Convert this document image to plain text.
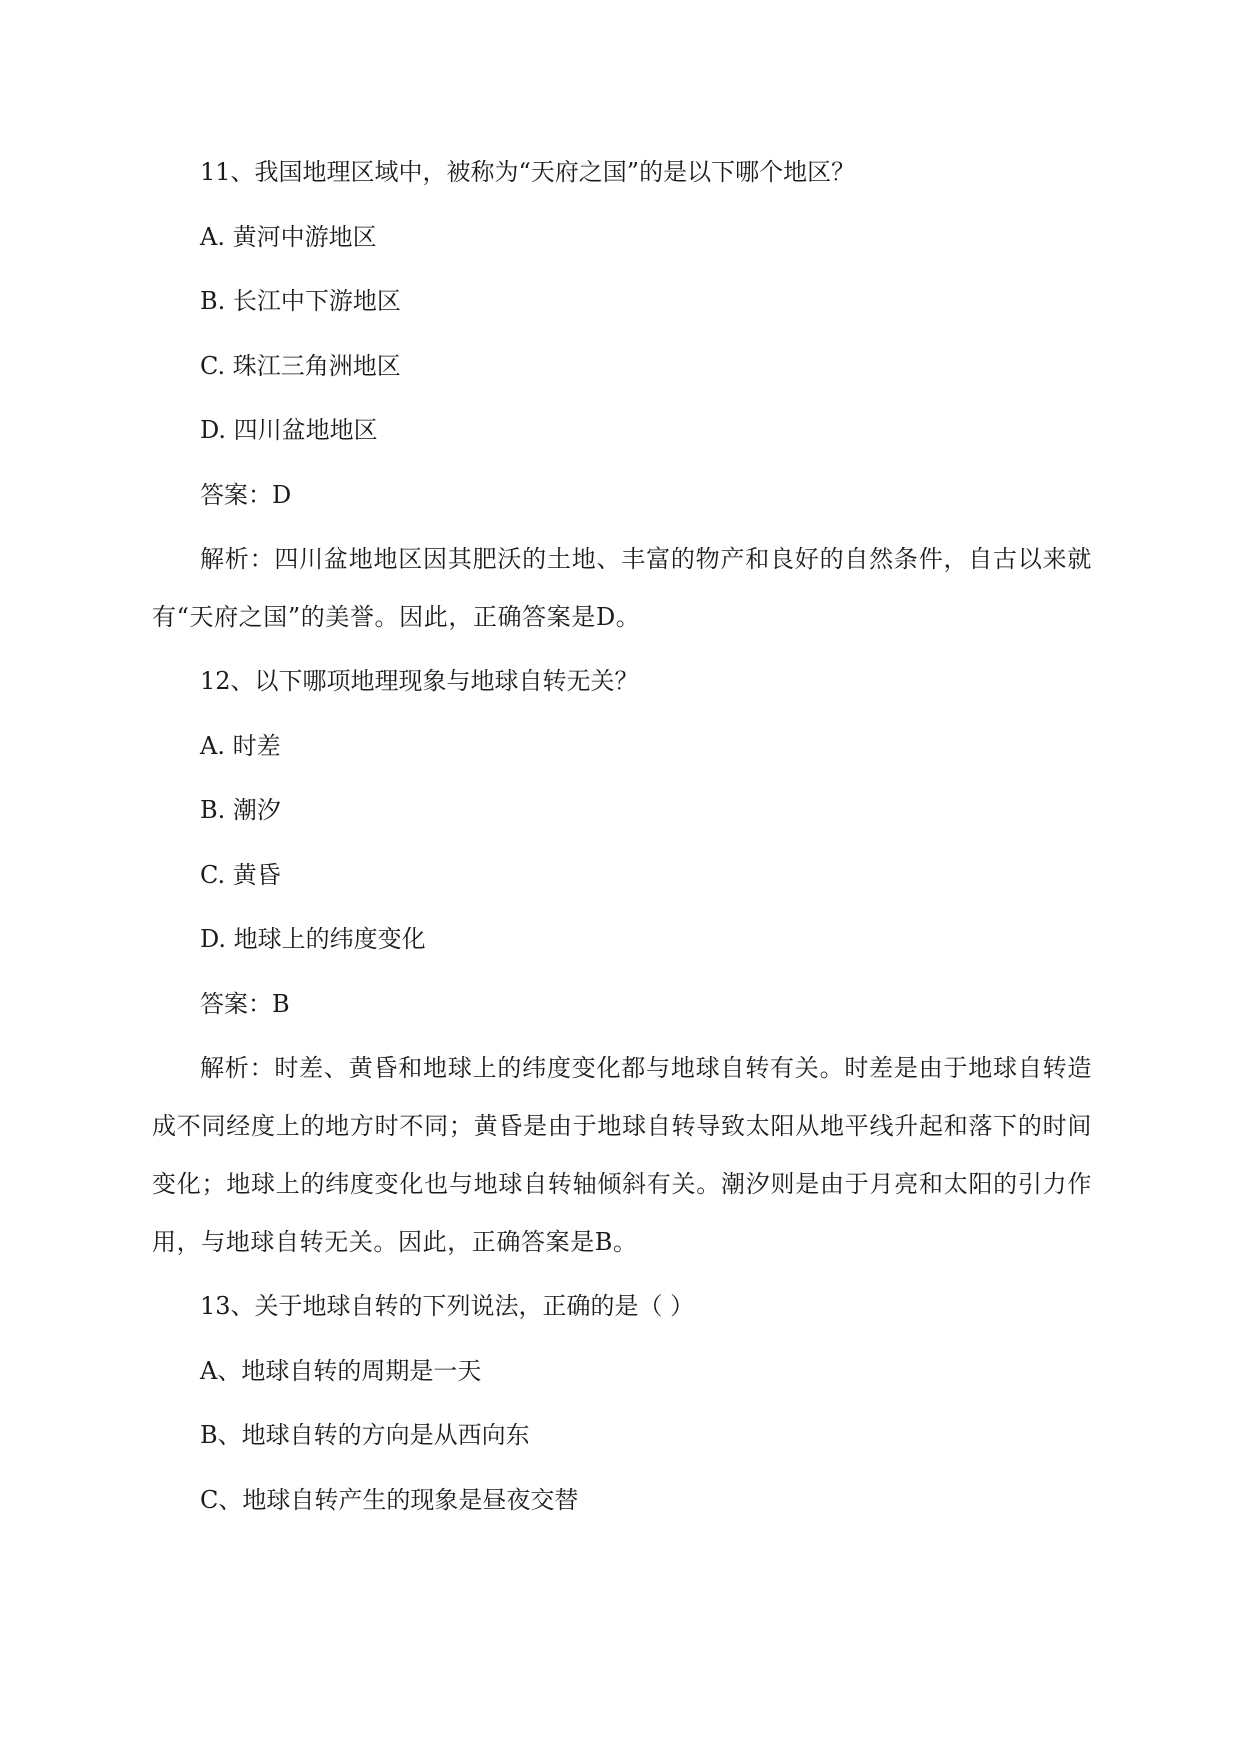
11、我国地理区域中，被称为“天府之国”的是以下哪个地区？

A. 黄河中游地区

B. 长江中下游地区

C. 珠江三角洲地区

D. 四川盆地地区

答案：D

解析：四川盆地地区因其肥沃的土地、丰富的物产和良好的自然条件，自古以来就有“天府之国”的美誉。因此，正确答案是D。

12、以下哪项地理现象与地球自转无关？

A. 时差

B. 潮汐

C. 黄昏

D. 地球上的纬度变化

答案：B

解析：时差、黄昏和地球上的纬度变化都与地球自转有关。时差是由于地球自转造成不同经度上的地方时不同；黄昏是由于地球自转导致太阳从地平线升起和落下的时间变化；地球上的纬度变化也与地球自转轴倾斜有关。潮汐则是由于月亮和太阳的引力作用，与地球自转无关。因此，正确答案是B。

13、关于地球自转的下列说法，正确的是（ ）

A、地球自转的周期是一天

B、地球自转的方向是从西向东

C、地球自转产生的现象是昼夜交替
